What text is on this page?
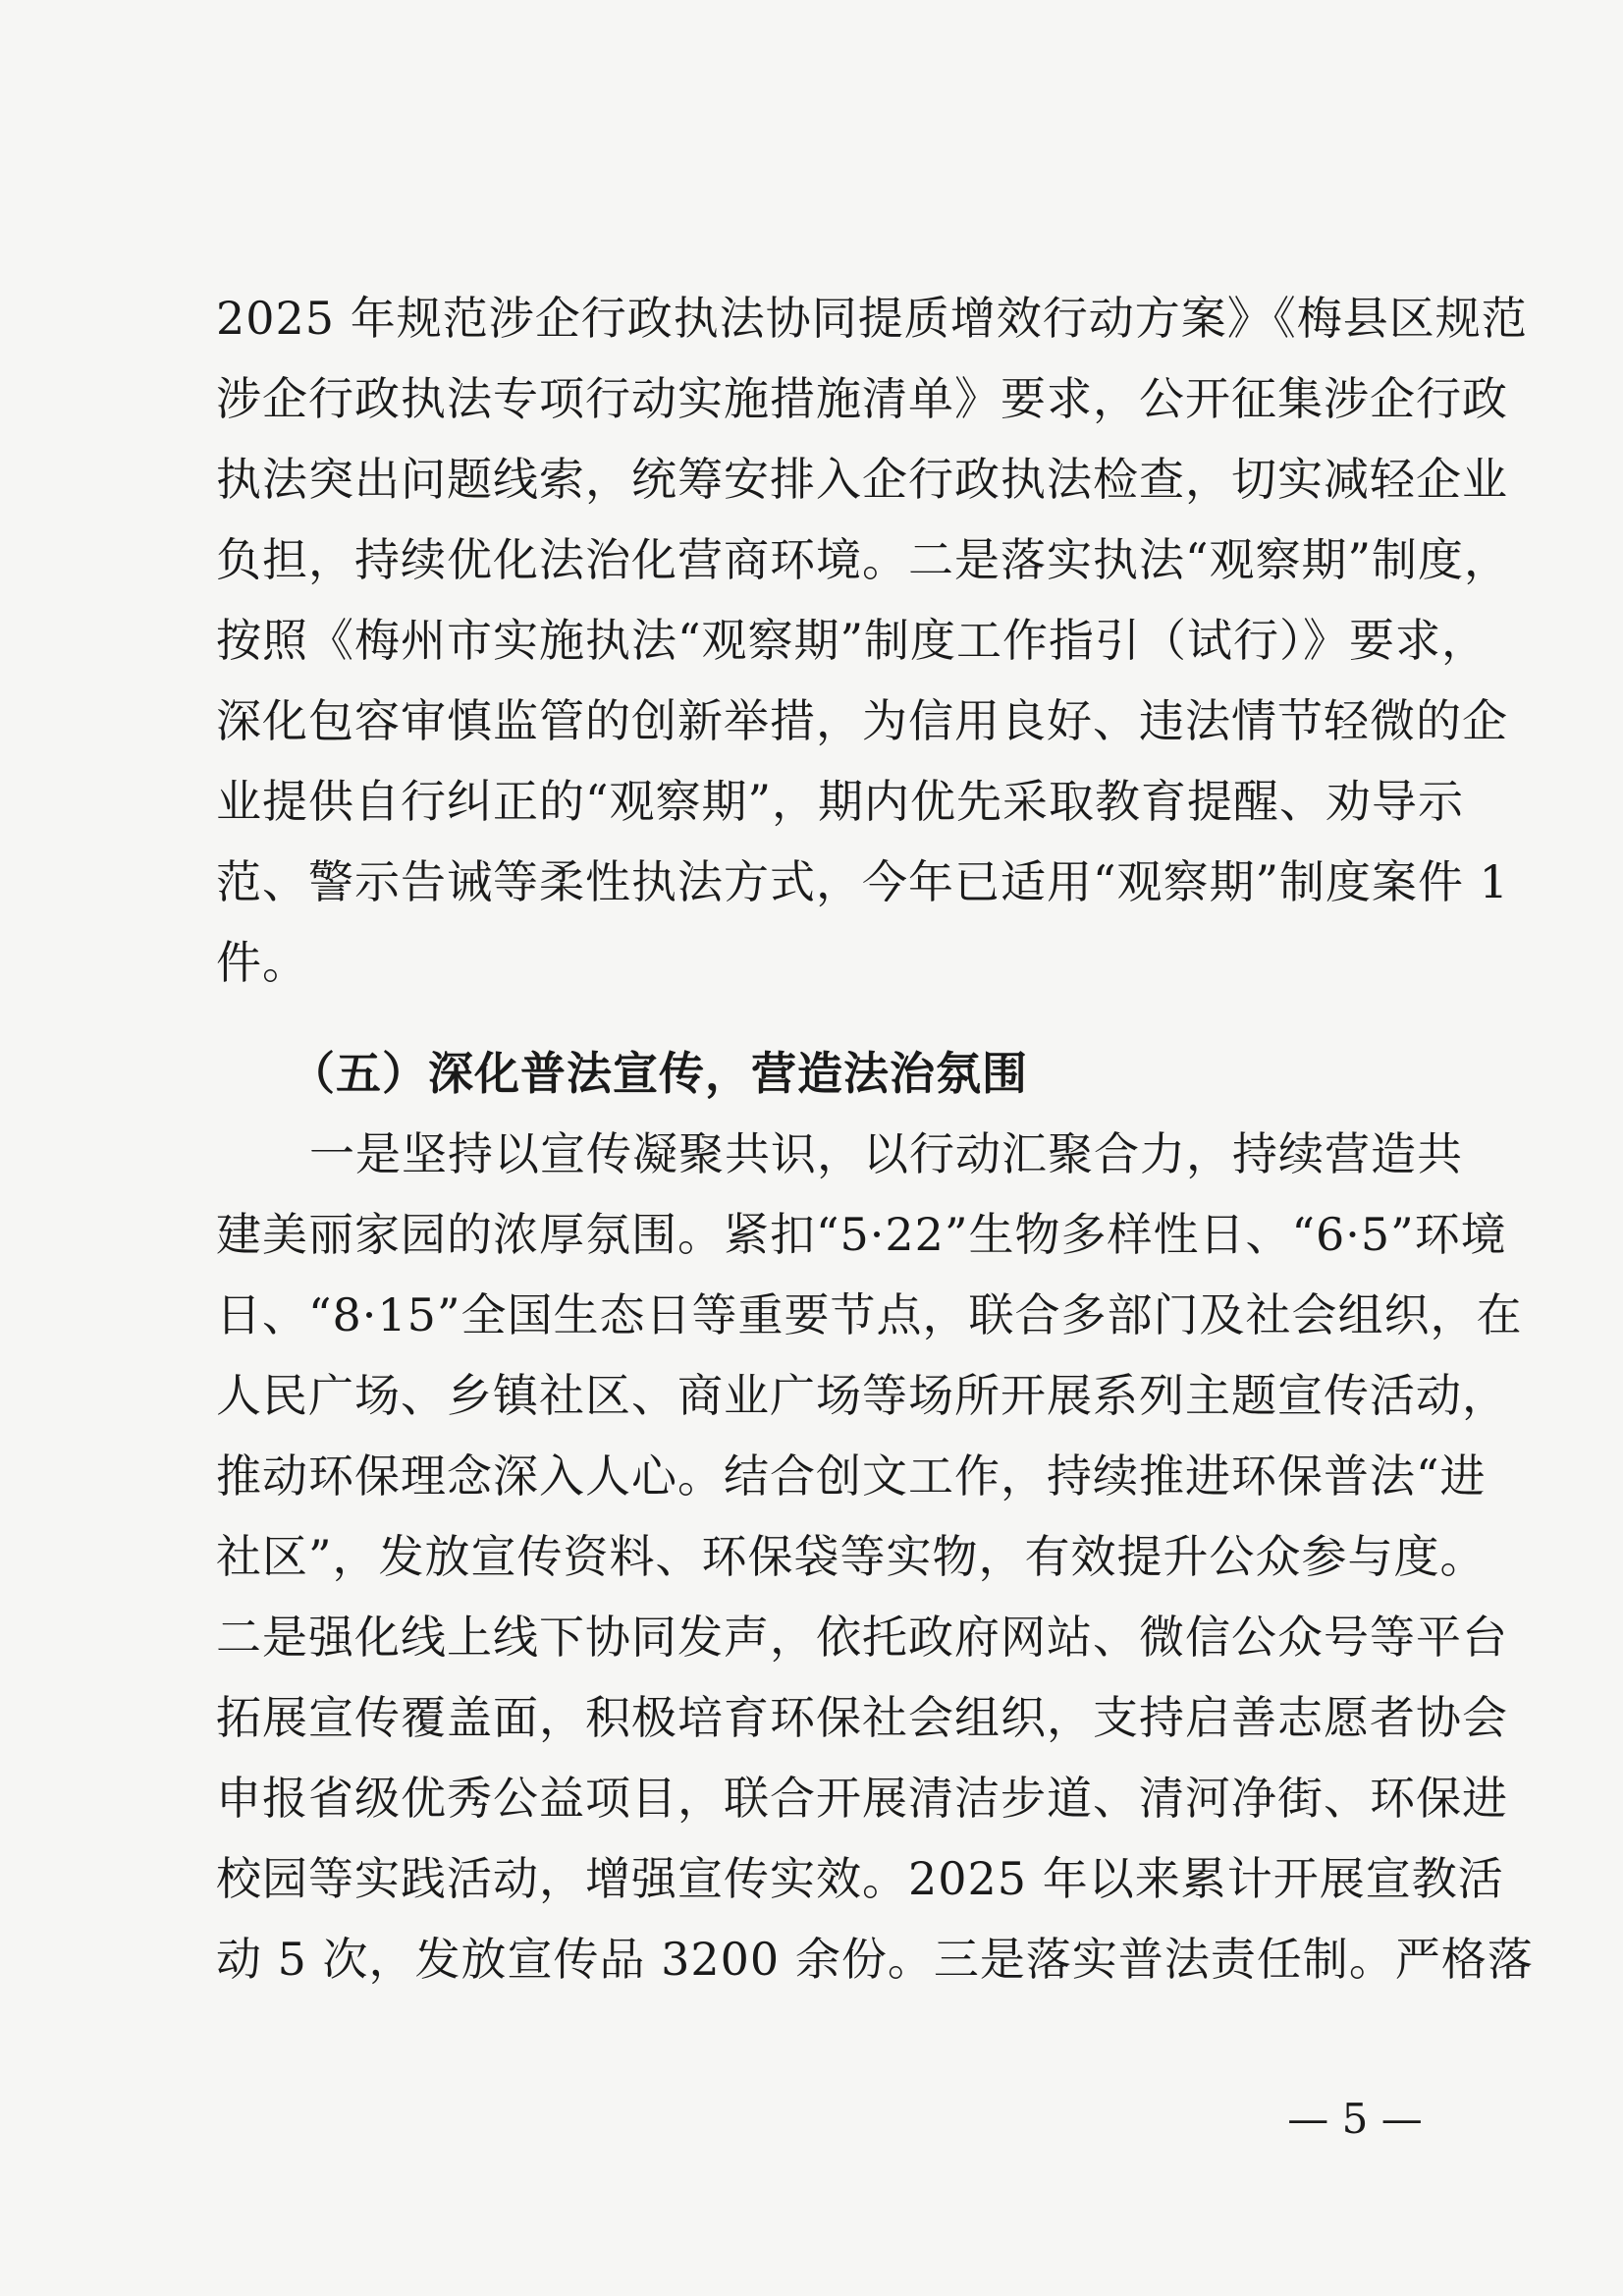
2025 年规范涉企行政执法协同提质增效行动方案》《梅县区规范
涉企行政执法专项行动实施措施清单》要求，公开征集涉企行政
执法突出问题线索，统筹安排入企行政执法检查，切实减轻企业
负担，持续优化法治化营商环境。二是落实执法“观察期”制度，
按照《梅州市实施执法“观察期”制度工作指引（试行）》要求，
深化包容审慎监管的创新举措，为信用良好、违法情节轻微的企
业提供自行纠正的“观察期”，期内优先采取教育提醒、劝导示
范、警示告诫等柔性执法方式，今年已适用“观察期”制度案件 1
件。
（五）深化普法宣传，营造法治氛围
一是坚持以宣传凝聚共识，以行动汇聚合力，持续营造共
建美丽家园的浓厚氛围。紧扣“5·22”生物多样性日、“6·5”环境
日、“8·15”全国生态日等重要节点，联合多部门及社会组织，在
人民广场、乡镇社区、商业广场等场所开展系列主题宣传活动，
推动环保理念深入人心。结合创文工作，持续推进环保普法“进
社区”，发放宣传资料、环保袋等实物，有效提升公众参与度。
二是强化线上线下协同发声，依托政府网站、微信公众号等平台
拓展宣传覆盖面，积极培育环保社会组织，支持启善志愿者协会
申报省级优秀公益项目，联合开展清洁步道、清河净街、环保进
校园等实践活动，增强宣传实效。2025 年以来累计开展宣教活
动 5 次，发放宣传品 3200 余份。三是落实普法责任制。严格落
— 5 —
